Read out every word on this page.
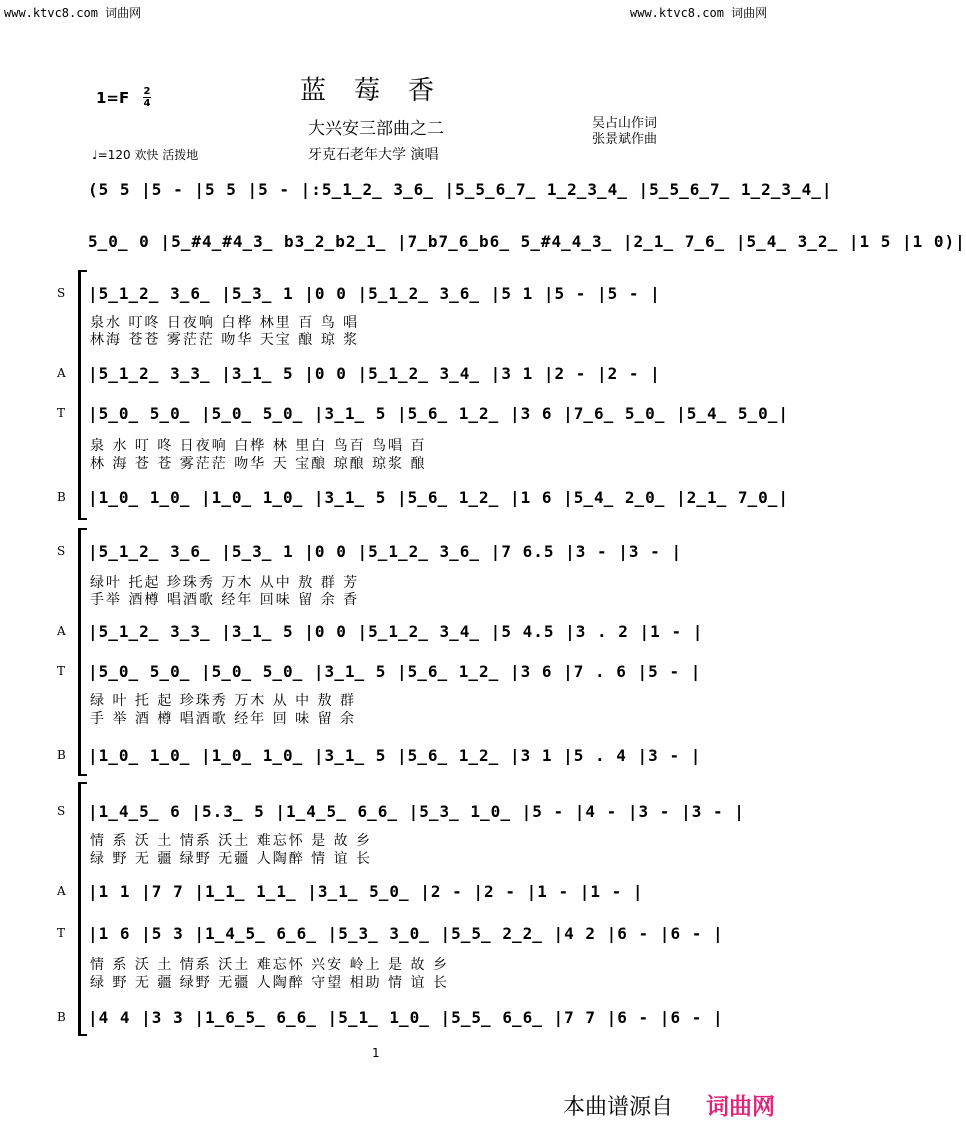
www.ktvc8.com 词曲网	www.ktvc8.com 词曲网
1=F 2
4	蓝莓香
大兴安三部曲之二
牙克石老年大学 演唱
吴占山作词
张景斌作曲
♩=120 欢快 活拨地
(5 5 |5 - |5 5 |5 - |:5̲1̲2̲ 3̲6̲ |5̲5̲6̲7̲ 1̲2̲3̲4̲ |5̲5̲6̲7̲ 1̲2̲3̲4̲|
5̲0̲ 0 |5̲#4̲#4̲3̲ b3̲2̲b2̲1̲ |7̲b7̲6̲b6̲ 5̲#4̲4̲3̲ |2̲1̲ 7̲6̲ |5̲4̲ 3̲2̲ |1 5 |1 0)|
S |5̲1̲2̲ 3̲6̲ |5̲3̲ 1 |0 0 |5̲1̲2̲ 3̲6̲ |5 1 |5 - |5 - |
泉水 叮咚 日夜响 白桦 林里 百 鸟 唱
林海 苍苍 雾茫茫 吻华 天宝 酿 琼 浆
A |5̲1̲2̲ 3̲3̲ |3̲1̲ 5 |0 0 |5̲1̲2̲ 3̲4̲ |3 1 |2 - |2 - |
T |5̲0̲ 5̲0̲ |5̲0̲ 5̲0̲ |3̲1̲ 5 |5̲6̲ 1̲2̲ |3 6 |7̲6̲ 5̲0̲ |5̲4̲ 5̲0̲|
泉 水 叮 咚 日夜响 白桦 林 里白 鸟百 鸟唱 百
林 海 苍 苍 雾茫茫 吻华 天 宝酿 琼酿 琼浆 酿
B |1̲0̲ 1̲0̲ |1̲0̲ 1̲0̲ |3̲1̲ 5 |5̲6̲ 1̲2̲ |1 6 |5̲4̲ 2̲0̲ |2̲1̲ 7̲0̲|
S |5̲1̲2̲ 3̲6̲ |5̲3̲ 1 |0 0 |5̲1̲2̲ 3̲6̲ |7 6.5 |3 - |3 - |
绿叶 托起 珍珠秀 万木 从中 敖 群 芳
手举 酒樽 唱酒歌 经年 回味 留 余 香
A |5̲1̲2̲ 3̲3̲ |3̲1̲ 5 |0 0 |5̲1̲2̲ 3̲4̲ |5 4.5 |3 . 2 |1 - |
T |5̲0̲ 5̲0̲ |5̲0̲ 5̲0̲ |3̲1̲ 5 |5̲6̲ 1̲2̲ |3 6 |7 . 6 |5 - |
绿 叶 托 起 珍珠秀 万木 从 中 敖 群
手 举 酒 樽 唱酒歌 经年 回 味 留 余
B |1̲0̲ 1̲0̲ |1̲0̲ 1̲0̲ |3̲1̲ 5 |5̲6̲ 1̲2̲ |3 1 |5 . 4 |3 - |
S |1̲4̲5̲ 6 |5.3̲ 5 |1̲4̲5̲ 6̲6̲ |5̲3̲ 1̲0̲ |5 - |4 - |3 - |3 - |
情 系 沃 土 情系 沃土 难忘怀 是 故 乡
绿 野 无 疆 绿野 无疆 人陶醉 情 谊 长
A |1 1 |7 7 |1̲1̲ 1̲1̲ |3̲1̲ 5̲0̲ |2 - |2 - |1 - |1 - |
T |1 6 |5 3 |1̲4̲5̲ 6̲6̲ |5̲3̲ 3̲0̲ |5̲5̲ 2̲2̲ |4 2 |6 - |6 - |
情 系 沃 土 情系 沃土 难忘怀 兴安 岭上 是 故 乡
绿 野 无 疆 绿野 无疆 人陶醉 守望 相助 情 谊 长
B |4 4 |3 3 |1̲6̲5̲ 6̲6̲ |5̲1̲ 1̲0̲ |5̲5̲ 6̲6̲ |7 7 |6 - |6 - |
1
本曲谱源自 词曲网
